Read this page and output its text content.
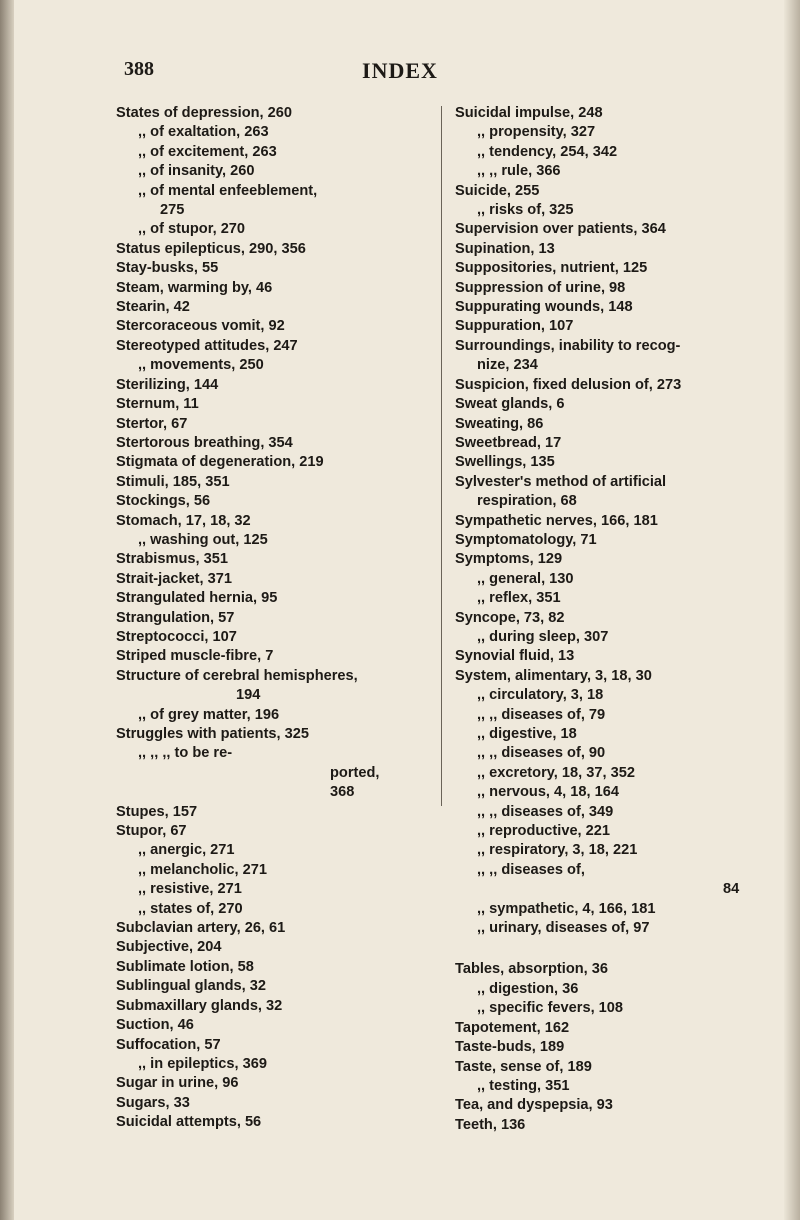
388	INDEX
States of depression, 260
,, of exaltation, 263
,, of excitement, 263
,, of insanity, 260
,, of mental enfeeblement,
275
,, of stupor, 270
Status epilepticus, 290, 356
Stay-busks, 55
Steam, warming by, 46
Stearin, 42
Stercoraceous vomit, 92
Stereotyped attitudes, 247
,, movements, 250
Sterilizing, 144
Sternum, 11
Stertor, 67
Stertorous breathing, 354
Stigmata of degeneration, 219
Stimuli, 185, 351
Stockings, 56
Stomach, 17, 18, 32
,, washing out, 125
Strabismus, 351
Strait-jacket, 371
Strangulated hernia, 95
Strangulation, 57
Streptococci, 107
Striped muscle-fibre, 7
Structure of cerebral hemispheres,
194
,, of grey matter, 196
Struggles with patients, 325
,, ,, ,, to be re-
ported,
368
Stupes, 157
Stupor, 67
,, anergic, 271
,, melancholic, 271
,, resistive, 271
,, states of, 270
Subclavian artery, 26, 61
Subjective, 204
Sublimate lotion, 58
Sublingual glands, 32
Submaxillary glands, 32
Suction, 46
Suffocation, 57
,, in epileptics, 369
Sugar in urine, 96
Sugars, 33
Suicidal attempts, 56
Suicidal impulse, 248
,, propensity, 327
,, tendency, 254, 342
,, ,, rule, 366
Suicide, 255
,, risks of, 325
Supervision over patients, 364
Supination, 13
Suppositories, nutrient, 125
Suppression of urine, 98
Suppurating wounds, 148
Suppuration, 107
Surroundings, inability to recog-
nize, 234
Suspicion, fixed delusion of, 273
Sweat glands, 6
Sweating, 86
Sweetbread, 17
Swellings, 135
Sylvester's method of artificial
respiration, 68
Sympathetic nerves, 166, 181
Symptomatology, 71
Symptoms, 129
,, general, 130
,, reflex, 351
Syncope, 73, 82
,, during sleep, 307
Synovial fluid, 13
System, alimentary, 3, 18, 30
,, circulatory, 3, 18
,, ,, diseases of, 79
,, digestive, 18
,, ,, diseases of, 90
,, excretory, 18, 37, 352
,, nervous, 4, 18, 164
,, ,, diseases of, 349
,, reproductive, 221
,, respiratory, 3, 18, 221
,, ,, diseases of,
84
,, sympathetic, 4, 166, 181
,, urinary, diseases of, 97
Tables, absorption, 36
,, digestion, 36
,, specific fevers, 108
Tapotement, 162
Taste-buds, 189
Taste, sense of, 189
,, testing, 351
Tea, and dyspepsia, 93
Teeth, 136
